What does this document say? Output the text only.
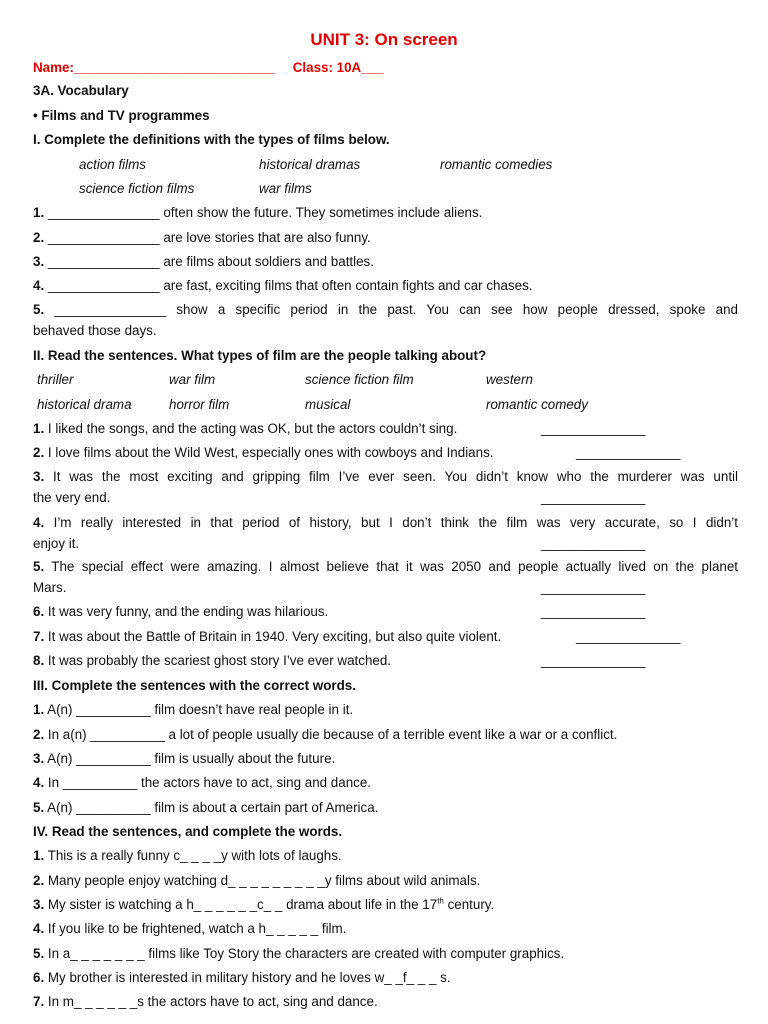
UNIT 3: On screen
Name:___________________________ Class: 10A___
3A. Vocabulary
• Films and TV programmes
I. Complete the definitions with the types of films below.
action films	historical dramas	romantic comedies
science fiction films	war films
1. _______________ often show the future. They sometimes include aliens.
2. _______________ are love stories that are also funny.
3. _______________ are films about soldiers and battles.
4. _______________ are fast, exciting films that often contain fights and car chases.
5. _______________ show a specific period in the past. You can see how people dressed, spoke and
behaved those days.
II. Read the sentences. What types of film are the people talking about?
thriller	war film	science fiction film	western
historical drama	horror film	musical	romantic comedy
1. I liked the songs, and the acting was OK, but the actors couldn’t sing.	______________
2. I love films about the Wild West, especially ones with cowboys and Indians.	______________
3. It was the most exciting and gripping film I’ve ever seen. You didn’t know who the murderer was until
the very end.	______________
4. I’m really interested in that period of history, but I don’t think the film was very accurate, so I didn’t
enjoy it.	______________
5. The special effect were amazing. I almost believe that it was 2050 and people actually lived on the planet
Mars.	______________
6. It was very funny, and the ending was hilarious.	______________
7. It was about the Battle of Britain in 1940. Very exciting, but also quite violent.	______________
8. It was probably the scariest ghost story I’ve ever watched.	______________
III. Complete the sentences with the correct words.
1. A(n) __________ film doesn’t have real people in it.
2. In a(n) __________ a lot of people usually die because of a terrible event like a war or a conflict.
3. A(n) __________ film is usually about the future.
4. In __________ the actors have to act, sing and dance.
5. A(n) __________ film is about a certain part of America.
IV. Read the sentences, and complete the words.
1. This is a really funny c_ _ _ _y with lots of laughs.
2. Many people enjoy watching d_ _ _ _ _ _ _ _ _y films about wild animals.
3. My sister is watching a h_ _ _ _ _ _c_ _ drama about life in the 17th century.
4. If you like to be frightened, watch a h_ _ _ _ _ film.
5. In a_ _ _ _ _ _ _ films like Toy Story the characters are created with computer graphics.
6. My brother is interested in military history and he loves w_ _f_ _ _ s.
7. In m_ _ _ _ _ _s the actors have to act, sing and dance.
